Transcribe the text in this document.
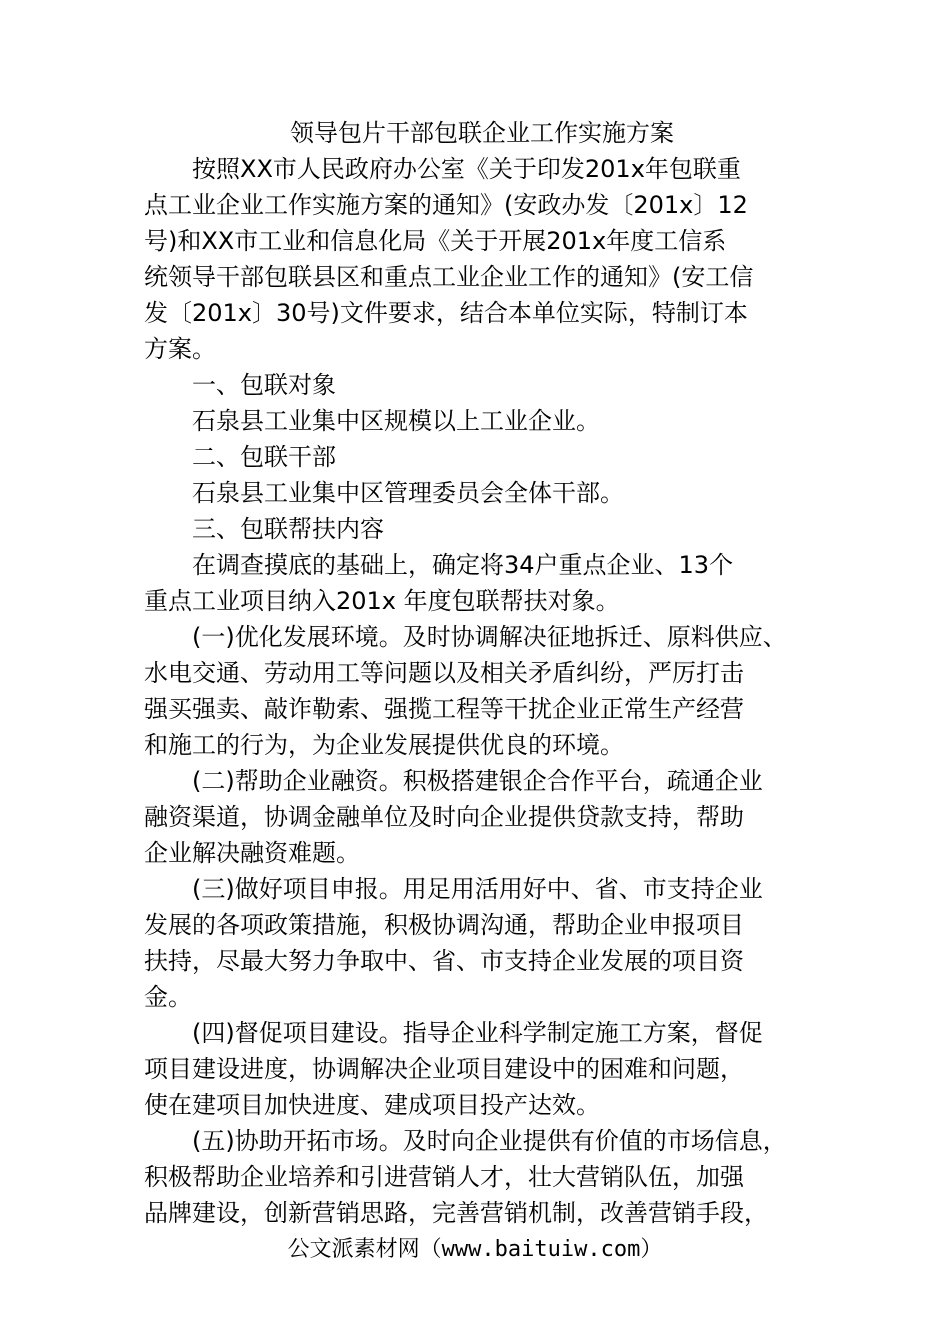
领导包片干部包联企业工作实施方案

按照XX市人民政府办公室《关于印发201x年包联重
点工业企业工作实施方案的通知》(安政办发〔201x〕12
号)和XX市工业和信息化局《关于开展201x年度工信系
统领导干部包联县区和重点工业企业工作的通知》(安工信
发〔201x〕30号)文件要求，结合本单位实际，特制订本
方案。

一、包联对象

石泉县工业集中区规模以上工业企业。

二、包联干部

石泉县工业集中区管理委员会全体干部。

三、包联帮扶内容

在调查摸底的基础上，确定将34户重点企业、13个
重点工业项目纳入201x 年度包联帮扶对象。

(一)优化发展环境。及时协调解决征地拆迁、原料供应、
水电交通、劳动用工等问题以及相关矛盾纠纷，严厉打击
强买强卖、敲诈勒索、强揽工程等干扰企业正常生产经营
和施工的行为，为企业发展提供优良的环境。

(二)帮助企业融资。积极搭建银企合作平台，疏通企业
融资渠道，协调金融单位及时向企业提供贷款支持，帮助
企业解决融资难题。

(三)做好项目申报。用足用活用好中、省、市支持企业
发展的各项政策措施，积极协调沟通，帮助企业申报项目
扶持，尽最大努力争取中、省、市支持企业发展的项目资
金。

(四)督促项目建设。指导企业科学制定施工方案，督促
项目建设进度，协调解决企业项目建设中的困难和问题，
使在建项目加快进度、建成项目投产达效。

(五)协助开拓市场。及时向企业提供有价值的市场信息，
积极帮助企业培养和引进营销人才，壮大营销队伍，加强
品牌建设，创新营销思路，完善营销机制，改善营销手段，

公文派素材网（www.baituiw.com）
